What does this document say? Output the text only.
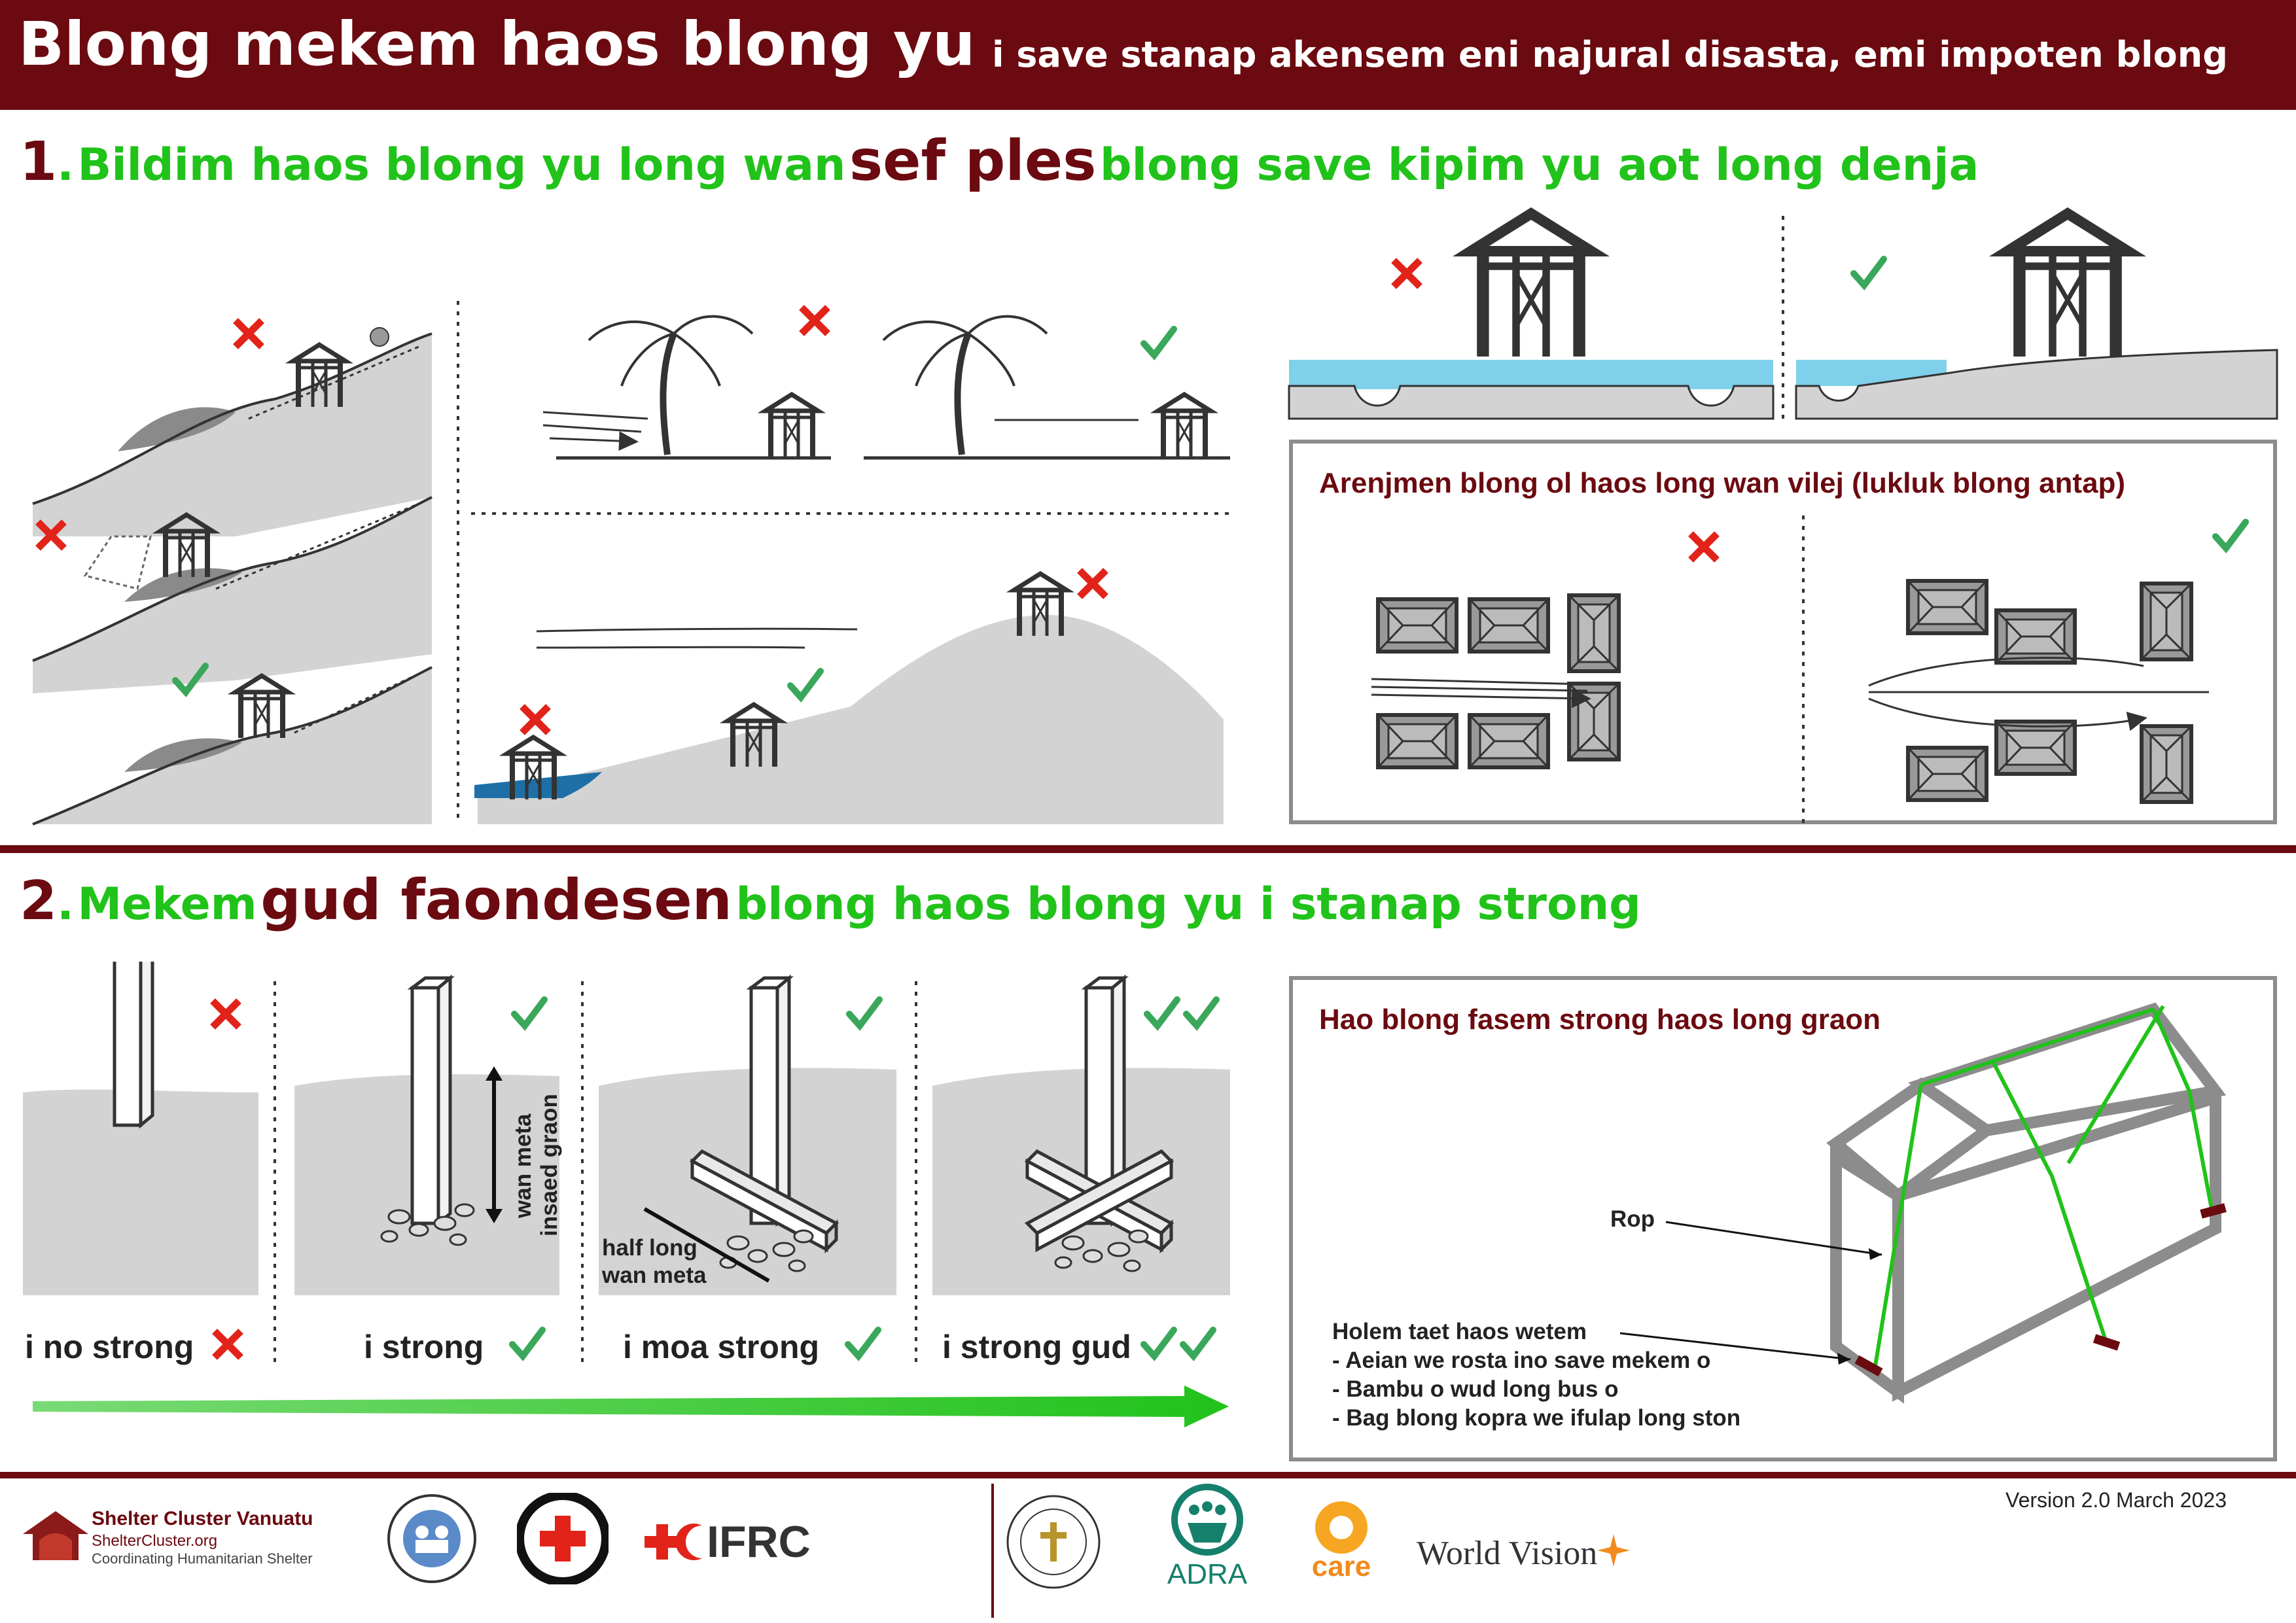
Blong mekem haos blong yu i save stanap akensem eni najural disasta, emi impoten blong
1. Bildim haos blong yu long wan sef ples blong save kipim yu aot long denja
Arenjmen blong ol haos long wan vilej (lukluk blong antap)
2. Mekem gud faondesen blong haos blong yu i stanap strong
wan meta insaed graon
half long
wan meta
i no strong	i strong	i moa strong	i strong gud
Hao blong fasem strong haos long graon
Rop
Holem taet haos wetem
- Aeian we rosta ino save mekem o
- Bambu o wud long bus o
- Bag blong kopra we ifulap long ston
Shelter Cluster Vanuatu
ShelterCluster.org
Coordinating Humanitarian Shelter	IFRC
ADRA care World Vision
Version 2.0 March 2023
